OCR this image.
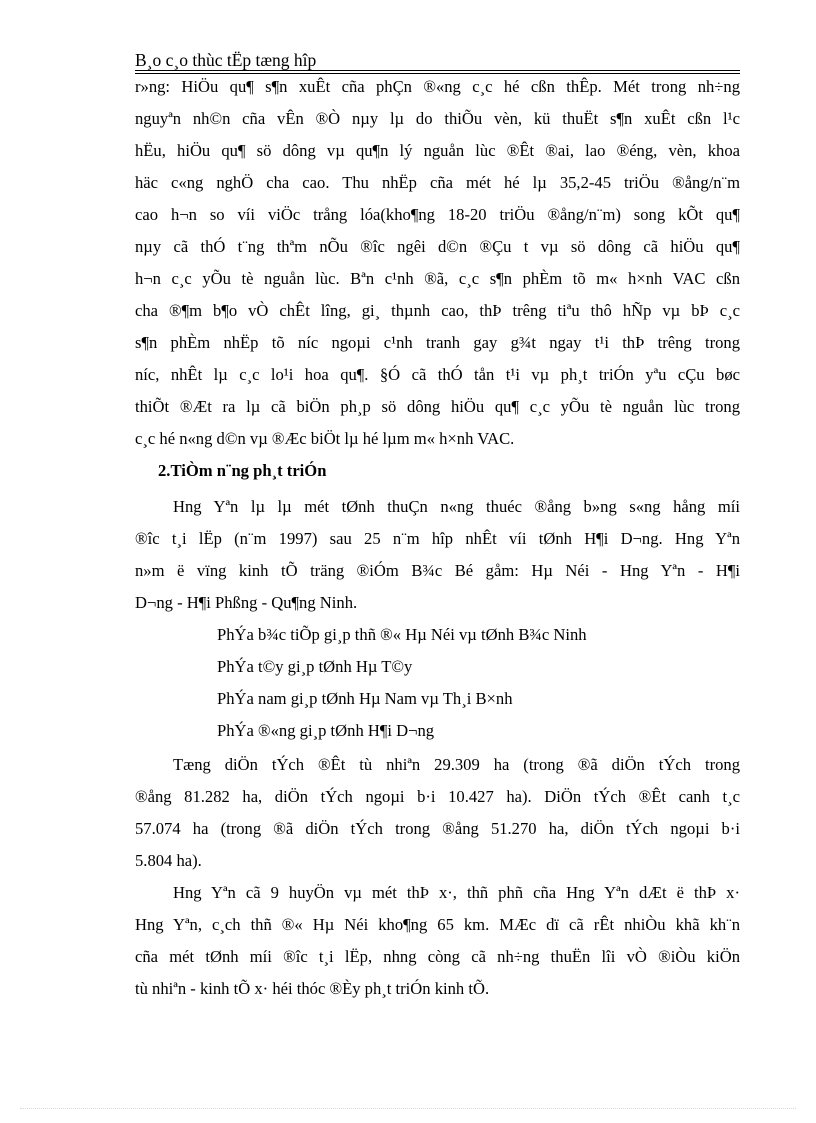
B¸o c¸o thùc tËp tæng hîp
r»ng: HiÖu qu¶ s¶n xuÊt cña phÇn ®«ng c¸c hé cßn thÊp. Mét trong nh÷ng
nguyªn nh©n cña vÊn ®Ò nµy lµ do thiÕu vèn, kü thuËt s¶n xuÊt cßn l¹c
hËu, hiÖu qu¶ sö dông vµ qu¶n lý nguån lùc ®Êt ®ai, lao ®éng, vèn, khoa
häc c«ng nghÖ cha cao. Thu nhËp cña mét hé lµ 35,2-45 triÖu ®ång/n¨m
cao h¬n so víi viÖc trång lóa(kho¶ng 18-20 triÖu ®ång/n¨m) song kÕt qu¶
nµy cã thÓ t¨ng thªm nÕu ®îc ngêi d©n ®Çu t vµ sö dông cã hiÖu qu¶
h¬n c¸c yÕu tè nguån lùc. Bªn c¹nh ®ã, c¸c s¶n phÈm tõ m« h×nh VAC cßn
cha ®¶m b¶o vÒ chÊt lîng, gi¸ thµnh cao, thÞ trêng tiªu thô hÑp vµ bÞ c¸c
s¶n phÈm nhËp tõ níc ngoµi c¹nh tranh gay g¾t ngay t¹i thÞ trêng trong
níc, nhÊt lµ c¸c lo¹i hoa qu¶. §Ó cã thÓ tån t¹i vµ ph¸t triÓn yªu cÇu bøc
thiÕt ®Æt ra lµ cã biÖn ph¸p sö dông hiÖu qu¶ c¸c yÕu tè nguån lùc trong
c¸c hé n«ng d©n vµ ®Æc biÖt lµ hé lµm m« h×nh VAC.
2.TiÒm n¨ng ph¸t triÓn
Hng Yªn lµ lµ mét tØnh thuÇn n«ng thuéc ®ång b»ng s«ng hång míi
®îc t¸i lËp (n¨m 1997) sau 25 n¨m hîp nhÊt víi tØnh H¶i D¬ng. Hng Yªn
n»m ë vïng kinh tÕ träng ®iÓm B¾c Bé gåm: Hµ Néi - Hng Yªn - H¶i
D¬ng - H¶i Phßng - Qu¶ng Ninh.
PhÝa b¾c tiÕp gi¸p thñ ®« Hµ Néi vµ tØnh B¾c Ninh
PhÝa t©y gi¸p tØnh Hµ T©y
PhÝa nam gi¸p tØnh Hµ Nam vµ Th¸i B×nh
PhÝa ®«ng gi¸p tØnh H¶i D¬ng
Tæng diÖn tÝch ®Êt tù nhiªn 29.309 ha (trong ®ã diÖn tÝch trong
®ång 81.282 ha, diÖn tÝch ngoµi b·i 10.427 ha). DiÖn tÝch ®Êt canh t¸c
57.074 ha (trong ®ã diÖn tÝch trong ®ång 51.270 ha, diÖn tÝch ngoµi b·i
5.804 ha).
Hng Yªn cã 9 huyÖn vµ mét thÞ x·, thñ phñ cña Hng Yªn dÆt ë thÞ x·
Hng Yªn, c¸ch thñ ®« Hµ Néi kho¶ng 65 km. MÆc dï cã rÊt nhiÒu khã kh¨n
cña mét tØnh míi ®îc t¸i lËp, nhng còng cã nh÷ng thuËn lîi vÒ ®iÒu kiÖn
tù nhiªn - kinh tÕ x· héi thóc ®Èy ph¸t triÓn kinh tÕ.
